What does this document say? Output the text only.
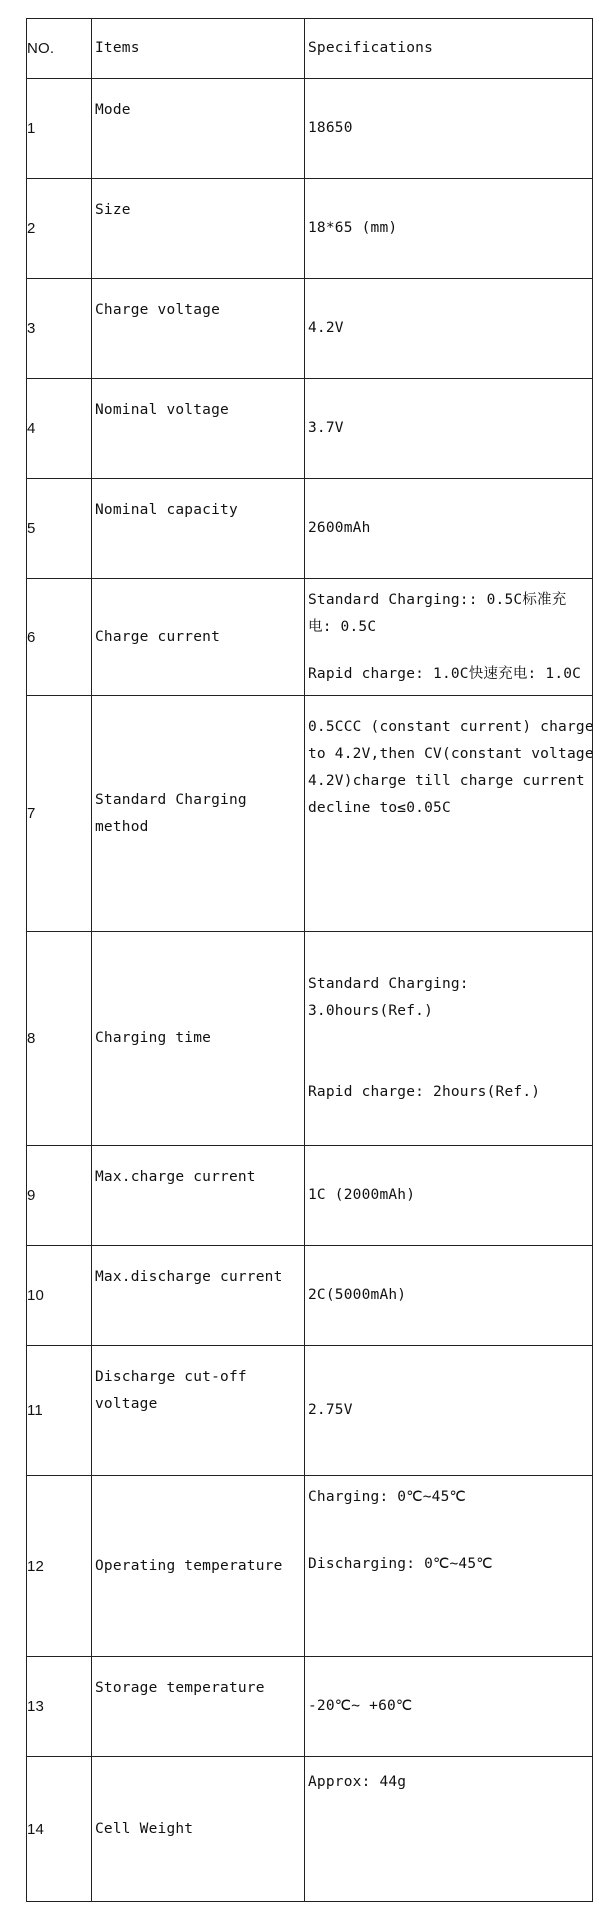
NO.	Items	Specifications
1	Mode	18650
2	Size	18*65 (mm)
3	Charge voltage	4.2V
4	Nominal voltage	3.7V
5	Nominal capacity	2600mAh
6	Charge current	Standard Charging:: 0.5C标准充
电: 0.5C
Rapid charge: 1.0C快速充电: 1.0C

7	Standard Charging
method	0.5CCC (constant current) charge
to 4.2V,then CV(constant voltage
4.2V)charge till charge current
decline to≤0.05C

8	Charging time	Standard Charging:
3.0hours(Ref.)
Rapid charge: 2hours(Ref.)

9	Max.charge current	1C (2000mAh)
10	Max.discharge current	2C(5000mAh)
11	Discharge cut-off
voltage	2.75V
12	Operating temperature	Charging: 0℃~45℃
Discharging: 0℃~45℃

13	Storage temperature	-20℃~ +60℃
14	Cell Weight	Approx: 44g
